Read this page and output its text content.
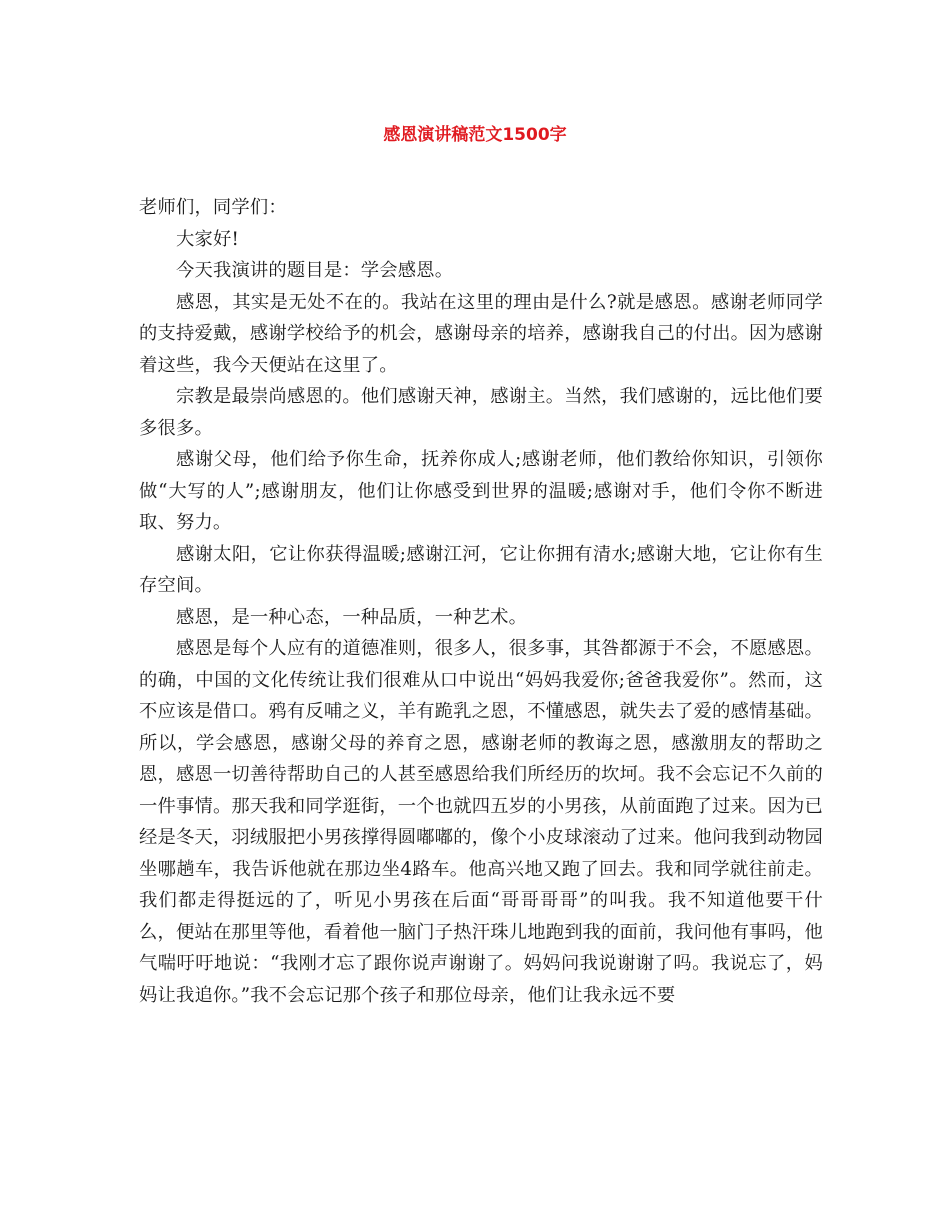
感恩演讲稿范文1500字

老师们，同学们：

大家好!

今天我演讲的题目是：学会感恩。

感恩，其实是无处不在的。我站在这里的理由是什么?就是感恩。感谢老师同学的支持爱戴，感谢学校给予的机会，感谢母亲的培养，感谢我自己的付出。因为感谢着这些，我今天便站在这里了。

宗教是最崇尚感恩的。他们感谢天神，感谢主。当然，我们感谢的，远比他们要多很多。

感谢父母，他们给予你生命，抚养你成人;感谢老师，他们教给你知识，引领你做“大写的人”;感谢朋友，他们让你感受到世界的温暖;感谢对手，他们令你不断进取、努力。

感谢太阳，它让你获得温暖;感谢江河，它让你拥有清水;感谢大地，它让你有生存空间。

感恩，是一种心态，一种品质，一种艺术。

感恩是每个人应有的道德准则，很多人，很多事，其咎都源于不会，不愿感恩。的确，中国的文化传统让我们很难从口中说出“妈妈我爱你;爸爸我爱你”。然而，这不应该是借口。鸦有反哺之义，羊有跪乳之恩，不懂感恩，就失去了爱的感情基础。所以，学会感恩，感谢父母的养育之恩，感谢老师的教诲之恩，感激朋友的帮助之恩，感恩一切善待帮助自己的人甚至感恩给我们所经历的坎坷。我不会忘记不久前的一件事情。那天我和同学逛街，一个也就四五岁的小男孩，从前面跑了过来。因为已经是冬天，羽绒服把小男孩撑得圆嘟嘟的，像个小皮球滚动了过来。他问我到动物园坐哪趟车，我告诉他就在那边坐4路车。他高兴地又跑了回去。我和同学就往前走。我们都走得挺远的了，听见小男孩在后面“哥哥哥哥”的叫我。我不知道他要干什么，便站在那里等他，看着他一脑门子热汗珠儿地跑到我的面前，我问他有事吗，他气喘吁吁地说：“我刚才忘了跟你说声谢谢了。妈妈问我说谢谢了吗。我说忘了，妈妈让我追你。”我不会忘记那个孩子和那位母亲，他们让我永远不要
